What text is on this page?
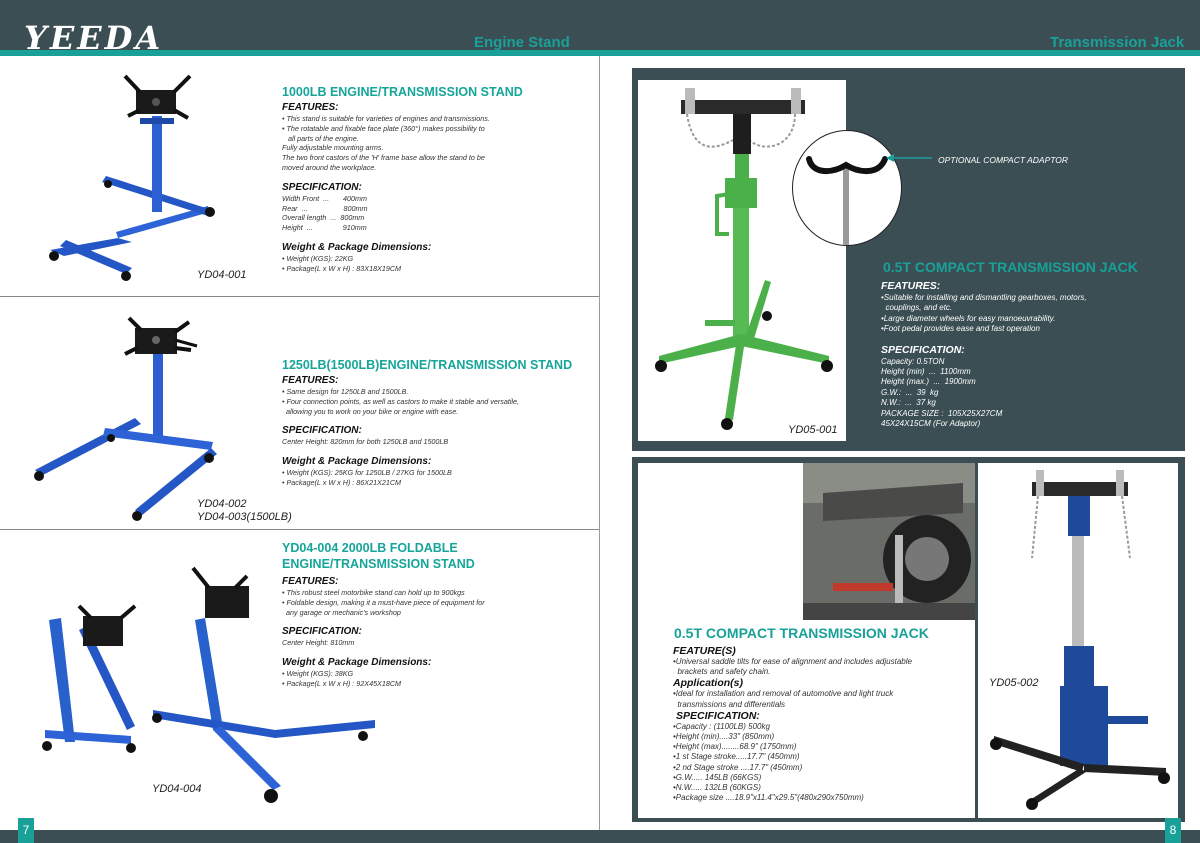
YEEDA	Engine Stand	Transmission Jack
YD04-001
1000LB ENGINE/TRANSMISSION STAND
FEATURES:
• This stand is suitable for varieties of engines and transmissions.
• The rotatable and fixable face plate (360°) makes possibility to
all parts of the engine.
Fully adjustable mounting arms.
The two front castors of the 'H' frame base allow the stand to be
moved around the workplace.
SPECIFICATION:
Width Front  ...       400mm
Rear  ...                  800mm
Overall length  ...  800mm
Height  ...               910mm
Weight & Package Dimensions:
• Weight (KGS): 22KG
• Package(L x W x H) : 83X18X19CM
YD04-002
YD04-003(1500LB)
1250LB(1500LB)ENGINE/TRANSMISSION STAND
FEATURES:
• Same design for 1250LB and 1500LB.
• Four connection points, as well as castors to make it stable and versatile,
allowing you to work on your bike or engine with ease.
SPECIFICATION:
Center Height: 820mm for both 1250LB and 1500LB
Weight & Package Dimensions:
• Weight (KGS): 25KG for 1250LB / 27KG for 1500LB
• Package(L x W x H) : 86X21X21CM
YD04-004
YD04-004 2000LB FOLDABLE
ENGINE/TRANSMISSION STAND
FEATURES:
• This robust steel motorbike stand can hold up to 900kgs
• Foldable design, making it a must-have piece of equipment for
any garage or mechanic's workshop
SPECIFICATION:
Center Height: 810mm
Weight & Package Dimensions:
• Weight (KGS): 38KG
• Package(L x W x H) : 92X45X18CM
YD05-001
OPTIONAL COMPACT ADAPTOR
0.5T COMPACT TRANSMISSION JACK
FEATURES:
•Suitable for installing and dismantling gearboxes, motors,
couplings, and etc.
•Large diameter wheels for easy manoeuvrability.
•Foot pedal provides ease and fast operation
SPECIFICATION:
Capacity: 0.5TON
Height (min)  ...  1100mm
Height (max.)  ...  1900mm
G.W.:  ...  39  kg
N.W.:  ...  37 kg
PACKAGE SIZE :  105X25X27CM
45X24X15CM (For Adaptor)
YD05-002
0.5T COMPACT TRANSMISSION JACK
FEATURE(S)
•Universal saddle tilts for ease of alignment and includes adjustable
brackets and safety chain.
Application(s)
•Ideal for installation and removal of automotive and light truck
transmissions and differentials
SPECIFICATION:
•Capacity : (1100LB) 500kg
•Height (min)....33" (850mm)
•Height (max)........68.9" (1750mm)
•1 st Stage stroke.....17.7" (450mm)
•2 nd Stage stroke ....17.7" (450mm)
•G.W..... 145LB (66KGS)
•N.W..... 132LB (60KGS)
•Package size ....18.9"x11.4"x29.5"(480x290x750mm)
7	8
